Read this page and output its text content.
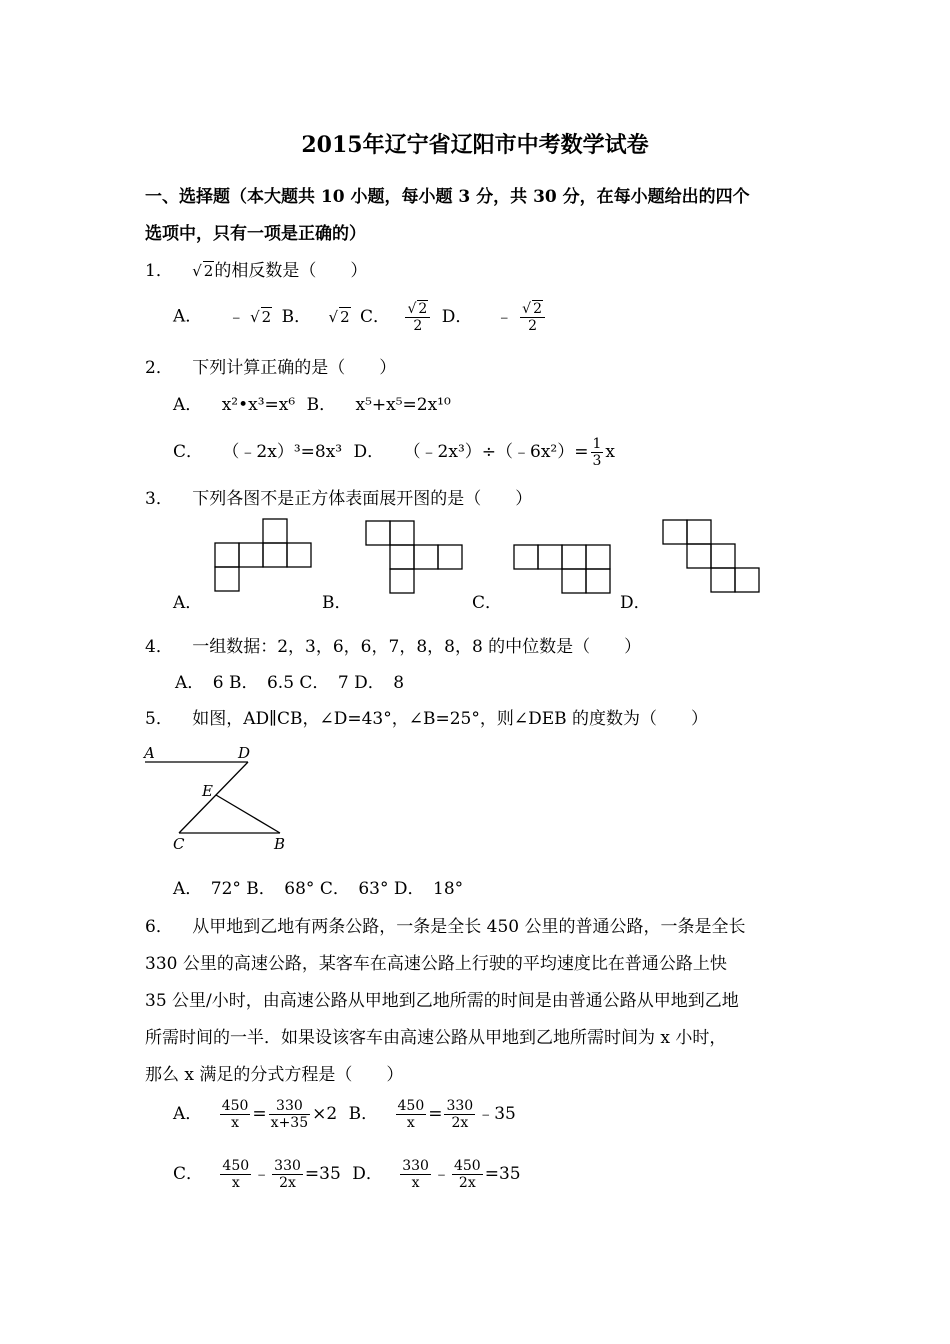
2015年辽宁省辽阳市中考数学试卷
一、选择题（本大题共 10 小题，每小题 3 分，共 30 分，在每小题给出的四个
选项中，只有一项是正确的）
1． √ 2的相反数是（　　）
A． ﹣ √ 2 B． √ 2 C． $\frac{√ 2}{2}$ D． ﹣ $\frac{√ 2}{2}$
2． 下列计算正确的是（　　）
A． x²•x³=x⁶ B． x⁵+x⁵=2x¹⁰
C． （﹣2x）³=8x³ D． （﹣2x³）÷（﹣6x²）= $\frac{1}{3}$ x
3． 下列各图不是正方体表面展开图的是（　　）
A．	B．	C．	D．
4． 一组数据：2，3，6，6，7，8，8，8 的中位数是（　　）
A．　6 B．　6.5 C．　7 D．　8
5． 如图，AD∥CB，∠D=43°，∠B=25°，则∠DEB 的度数为（　　）
A	D
E
C	B
A．　72° B．　68° C．　63° D．　18°
6． 从甲地到乙地有两条公路，一条是全长 450 公里的普通公路，一条是全长
330 公里的高速公路，某客车在高速公路上行驶的平均速度比在普通公路上快
35 公里/小时，由高速公路从甲地到乙地所需的时间是由普通公路从甲地到乙地
所需时间的一半．如果设该客车由高速公路从甲地到乙地所需时间为 x 小时，
那么 x 满足的分式方程是（　　）
A． $\frac{450}{x} = \frac{330}{x+35} \times 2$ B． $\frac{450}{x} = \frac{330}{2x}$ ﹣35
C． $\frac{450}{x}$ ﹣ $\frac{330}{2x} =35$ D． $\frac{330}{x}$ ﹣ $\frac{450}{2x} =35$
